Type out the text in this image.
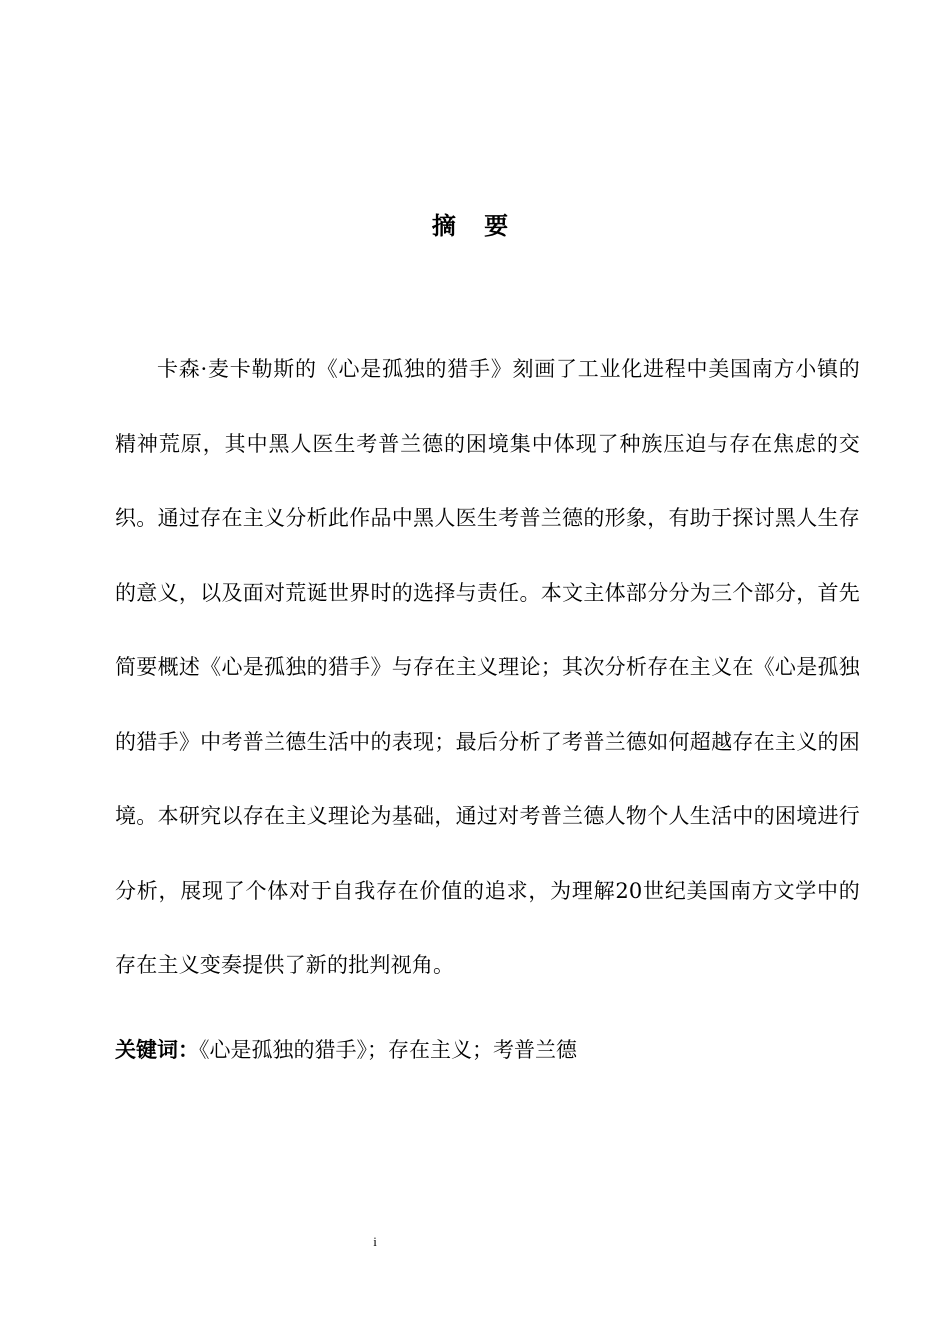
摘 要

卡森·麦卡勒斯的《心是孤独的猎手》刻画了工业化进程中美国南方小镇的精神荒原，其中黑人医生考普兰德的困境集中体现了种族压迫与存在焦虑的交织。通过存在主义分析此作品中黑人医生考普兰德的形象，有助于探讨黑人生存的意义，以及面对荒诞世界时的选择与责任。本文主体部分分为三个部分，首先简要概述《心是孤独的猎手》与存在主义理论；其次分析存在主义在《心是孤独的猎手》中考普兰德生活中的表现；最后分析了考普兰德如何超越存在主义的困境。本研究以存在主义理论为基础，通过对考普兰德人物个人生活中的困境进行分析，展现了个体对于自我存在价值的追求，为理解20世纪美国南方文学中的存在主义变奏提供了新的批判视角。

关键词：《心是孤独的猎手》；存在主义；考普兰德

i
